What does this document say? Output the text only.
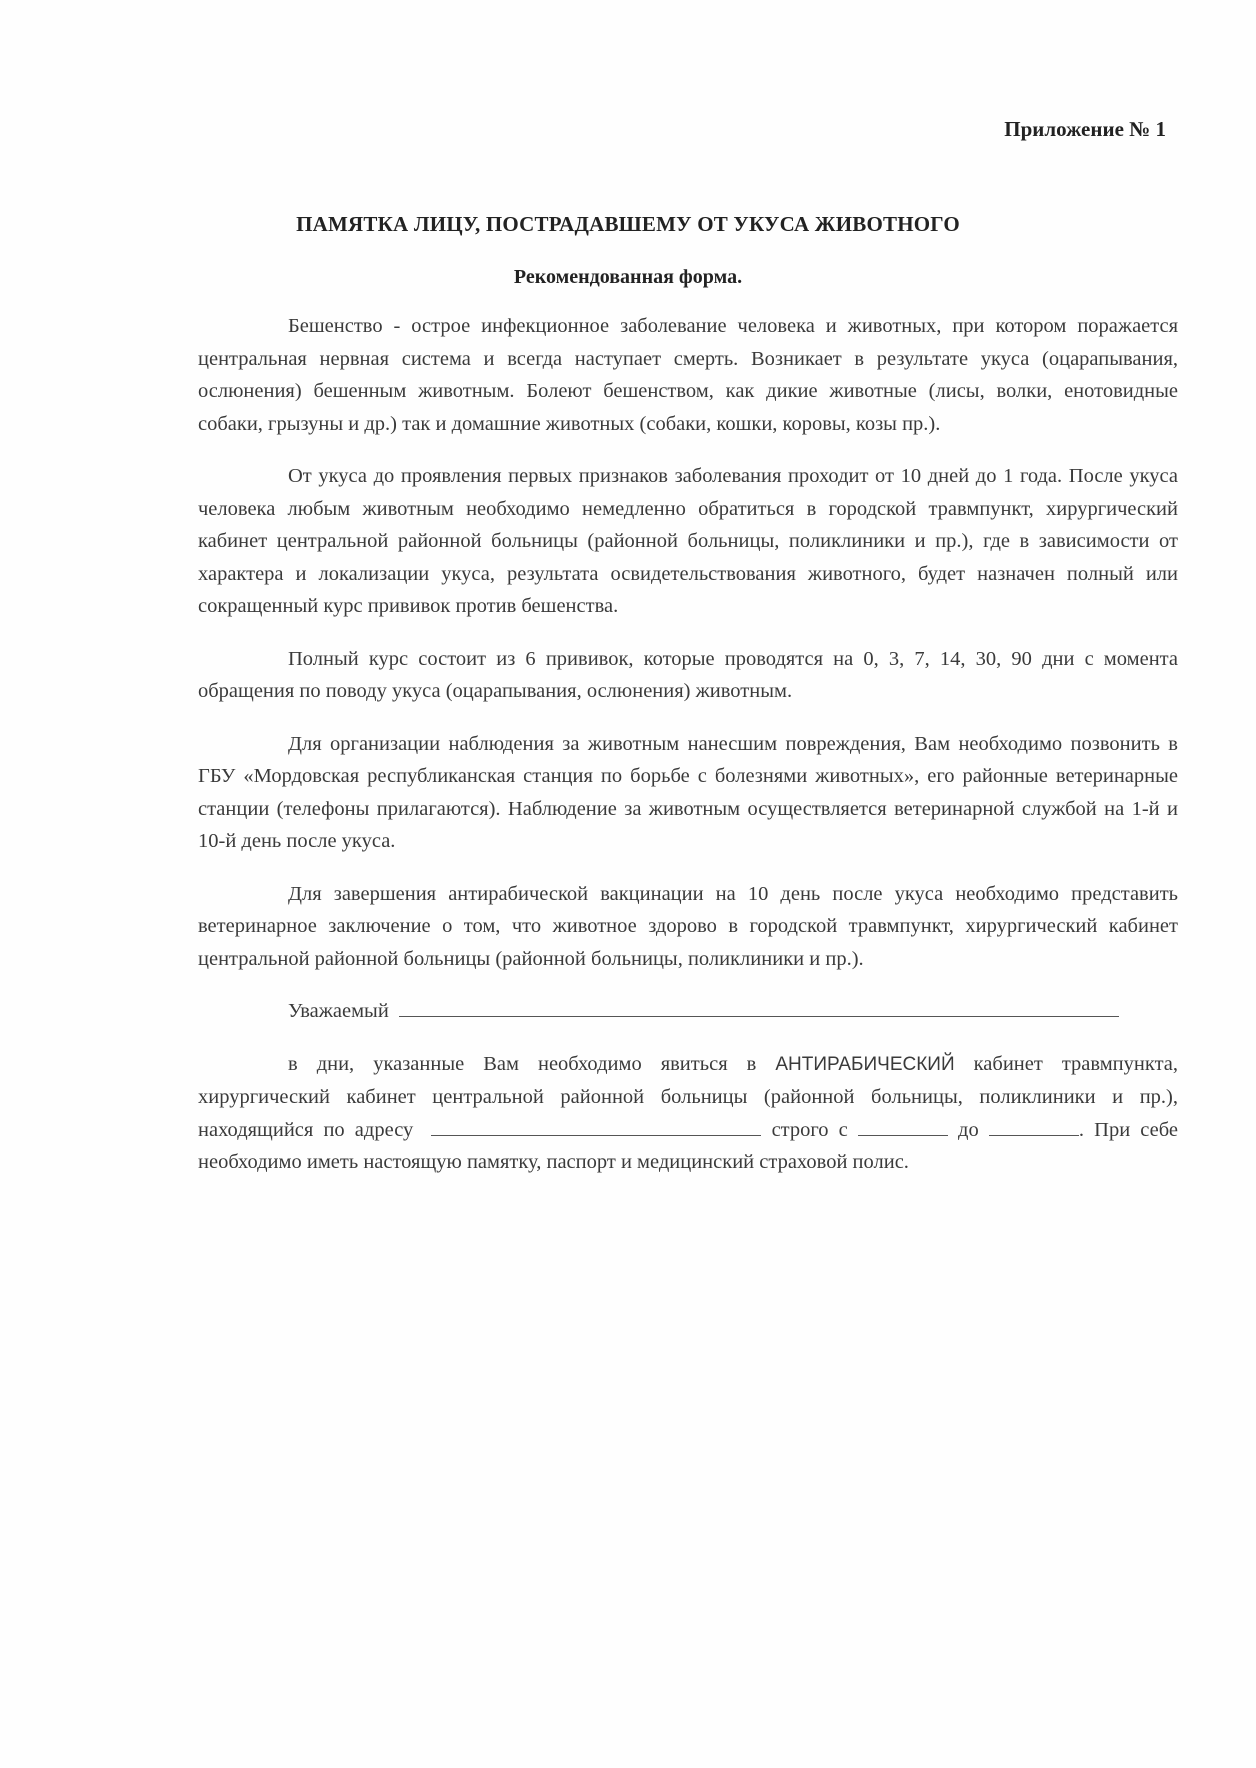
Приложение № 1
ПАМЯТКА ЛИЦУ, ПОСТРАДАВШЕМУ ОТ УКУСА ЖИВОТНОГО
Рекомендованная форма.

Бешенство - острое инфекционное заболевание человека и животных, при котором поражается центральная нервная система и всегда наступает смерть. Возникает в результате укуса (оцарапывания, ослюнения) бешенным животным. Болеют бешенством, как дикие животные (лисы, волки, енотовидные собаки, грызуны и др.) так и домашние животных (собаки, кошки, коровы, козы пр.).

От укуса до проявления первых признаков заболевания проходит от 10 дней до 1 года. После укуса человека любым животным необходимо немедленно обратиться в городской травмпункт, хирургический кабинет центральной районной больницы (районной больницы, поликлиники и пр.), где в зависимости от характера и локализации укуса, результата освидетельствования животного, будет назначен полный или сокращенный курс прививок против бешенства.

Полный курс состоит из 6 прививок, которые проводятся на 0, 3, 7, 14, 30, 90 дни с момента обращения по поводу укуса (оцарапывания, ослюнения) животным.

Для организации наблюдения за животным нанесшим повреждения, Вам необходимо позвонить в ГБУ «Мордовская республиканская станция по борьбе с болезнями животных», его районные ветеринарные станции (телефоны прилагаются). Наблюдение за животным осуществляется ветеринарной службой на 1-й и 10-й день после укуса.

Для завершения антирабической вакцинации на 10 день после укуса необходимо представить ветеринарное заключение о том, что животное здорово в городской травмпункт, хирургический кабинет центральной районной больницы (районной больницы, поликлиники и пр.).

Уважаемый

в дни, указанные Вам необходимо явиться в АНТИРАБИЧЕСКИЙ кабинет травмпункта, хирургический кабинет центральной районной больницы (районной больницы, поликлиники и пр.), находящийся по адресу	строго с	до	. При себе необходимо иметь настоящую памятку, паспорт и медицинский страховой полис.
